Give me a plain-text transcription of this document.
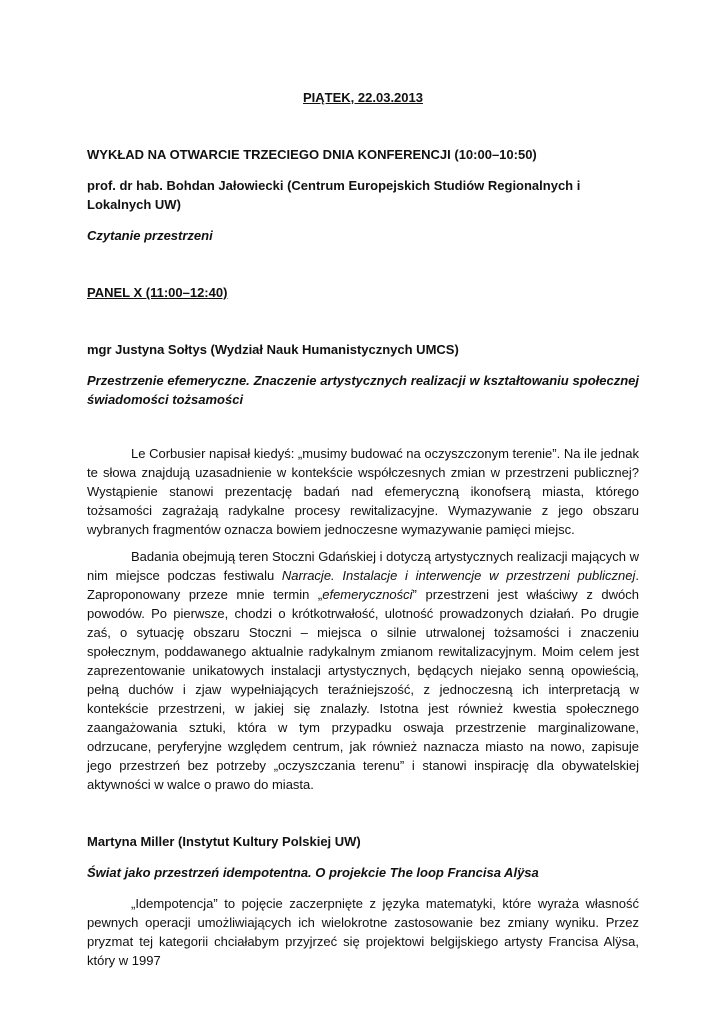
PIĄTEK, 22.03.2013

WYKŁAD NA OTWARCIE TRZECIEGO DNIA KONFERENCJI (10:00–10:50)

prof. dr hab. Bohdan Jałowiecki (Centrum Europejskich Studiów Regionalnych i Lokalnych UW)

Czytanie przestrzeni

PANEL X (11:00–12:40)

mgr Justyna Sołtys (Wydział Nauk Humanistycznych UMCS)

Przestrzenie efemeryczne. Znaczenie artystycznych realizacji w kształtowaniu społecznej świadomości tożsamości

Le Corbusier napisał kiedyś: „musimy budować na oczyszczonym terenie”. Na ile jednak te słowa znajdują uzasadnienie w kontekście współczesnych zmian w przestrzeni publicznej? Wystąpienie stanowi prezentację badań nad efemeryczną ikonofserą miasta, którego tożsamości zagrażają radykalne procesy rewitalizacyjne. Wymazywanie z jego obszaru wybranych fragmentów oznacza bowiem jednoczesne wymazywanie pamięci miejsc.

Badania obejmują teren Stoczni Gdańskiej i dotyczą artystycznych realizacji mających w nim miejsce podczas festiwalu Narracje. Instalacje i interwencje w przestrzeni publicznej. Zaproponowany przeze mnie termin „efemeryczności” przestrzeni jest właściwy z dwóch powodów. Po pierwsze, chodzi o krótkotrwałość, ulotność prowadzonych działań. Po drugie zaś, o sytuację obszaru Stoczni – miejsca o silnie utrwalonej tożsamości i znaczeniu społecznym, poddawanego aktualnie radykalnym zmianom rewitalizacyjnym. Moim celem jest zaprezentowanie unikatowych instalacji artystycznych, będących niejako senną opowieścią, pełną duchów i zjaw wypełniających teraźniejszość, z jednoczesną ich interpretacją w kontekście przestrzeni, w jakiej się znalazły. Istotna jest również kwestia społecznego zaangażowania sztuki, która w tym przypadku oswaja przestrzenie marginalizowane, odrzucane, peryferyjne względem centrum, jak również naznacza miasto na nowo, zapisuje jego przestrzeń bez potrzeby „oczyszczania terenu” i stanowi inspirację dla obywatelskiej aktywności w walce o prawo do miasta.

Martyna Miller (Instytut Kultury Polskiej UW)

Świat jako przestrzeń idempotentna. O projekcie The loop Francisa Alÿsa

„Idempotencja” to pojęcie zaczerpnięte z języka matematyki, które wyraża własność pewnych operacji umożliwiających ich wielokrotne zastosowanie bez zmiany wyniku. Przez pryzmat tej kategorii chciałabym przyjrzeć się projektowi belgijskiego artysty Francisa Alÿsa, który w 1997
